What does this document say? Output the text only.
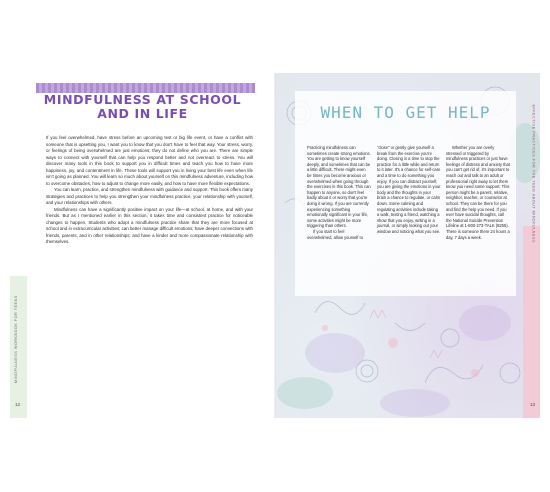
MINDFULNESS AT SCHOOL
AND IN LIFE

If you feel overwhelmed, have stress before an upcoming test or big life event, or have a conflict with someone that is upsetting you, I want you to know that you don't have to feel that way. Your stress, worry, or feelings of being overwhelmed are just emotions; they do not define who you are. There are simple ways to connect with yourself that can help you respond better and not overreact to stress. You will discover many tools in this book to support you in difficult times and teach you how to have more happiness, joy, and contentment in life. These tools will support you in living your best life even when life isn't going as planned. You will learn so much about yourself on this mindfulness adventure, including how to overcome obstacles, how to adjust to change more easily, and how to have more flexible expectations.

You can learn, practice, and strengthen mindfulness with guidance and support. This book offers many strategies and practices to help you strengthen your mindfulness practice, your relationship with yourself, and your relationships with others.

Mindfulness can have a significantly positive impact on your life—at school, at home, and with your friends. But as I mentioned earlier in this section, it takes time and consistent practice for noticeable changes to happen. Students who adopt a mindfulness practice share that they are more focused at school and in extracurricular activities; can better manage difficult emotions; have deeper connections with friends, parents, and in other relationships; and have a kinder and more compassionate relationship with themselves.

MINDFULNESS WORKBOOK FOR TEENS
12
WHEN TO GET HELP

Practicing mindfulness can sometimes create strong emotions. You are getting to know yourself deeply, and sometimes that can be a little difficult. There might even be times you become anxious or overwhelmed when going through the exercises in this book. This can happen to anyone, so don't feel badly about it or worry that you're doing it wrong. If you are currently experiencing something emotionally significant in your life, some activities might be more triggering than others.

If you start to feel overwhelmed, allow yourself to

"close" or gently give yourself a break from the exercise you're doing. Closing is a time to stop the practice for a little while and return to it later. It's a chance for self-care and a time to do something you enjoy. If you can distract yourself, you are giving the emotions in your body and the thoughts in your brain a chance to regulate, or calm down. Some calming and regulating activities include taking a walk, texting a friend, watching a show that you enjoy, writing in a journal, or simply looking out your window and noticing what you see.

Whether you are overly stressed or triggered by mindfulness practices or just have feelings of distress and anxiety that you can't get rid of, it's important to reach out and talk to an adult or professional right away to let them know you need some support. This person might be a parent, relative, neighbor, teacher, or counselor at school. They can be there for you and find the help you need. If you ever have suicidal thoughts, call the National Suicide Prevention Lifeline at 1-800-273-TALK (8255). There is someone there 24 hours a day, 7 days a week.	EFFECTIVE PRACTICES FOR THE TEEN ABOUT MINDFULNESS
13
